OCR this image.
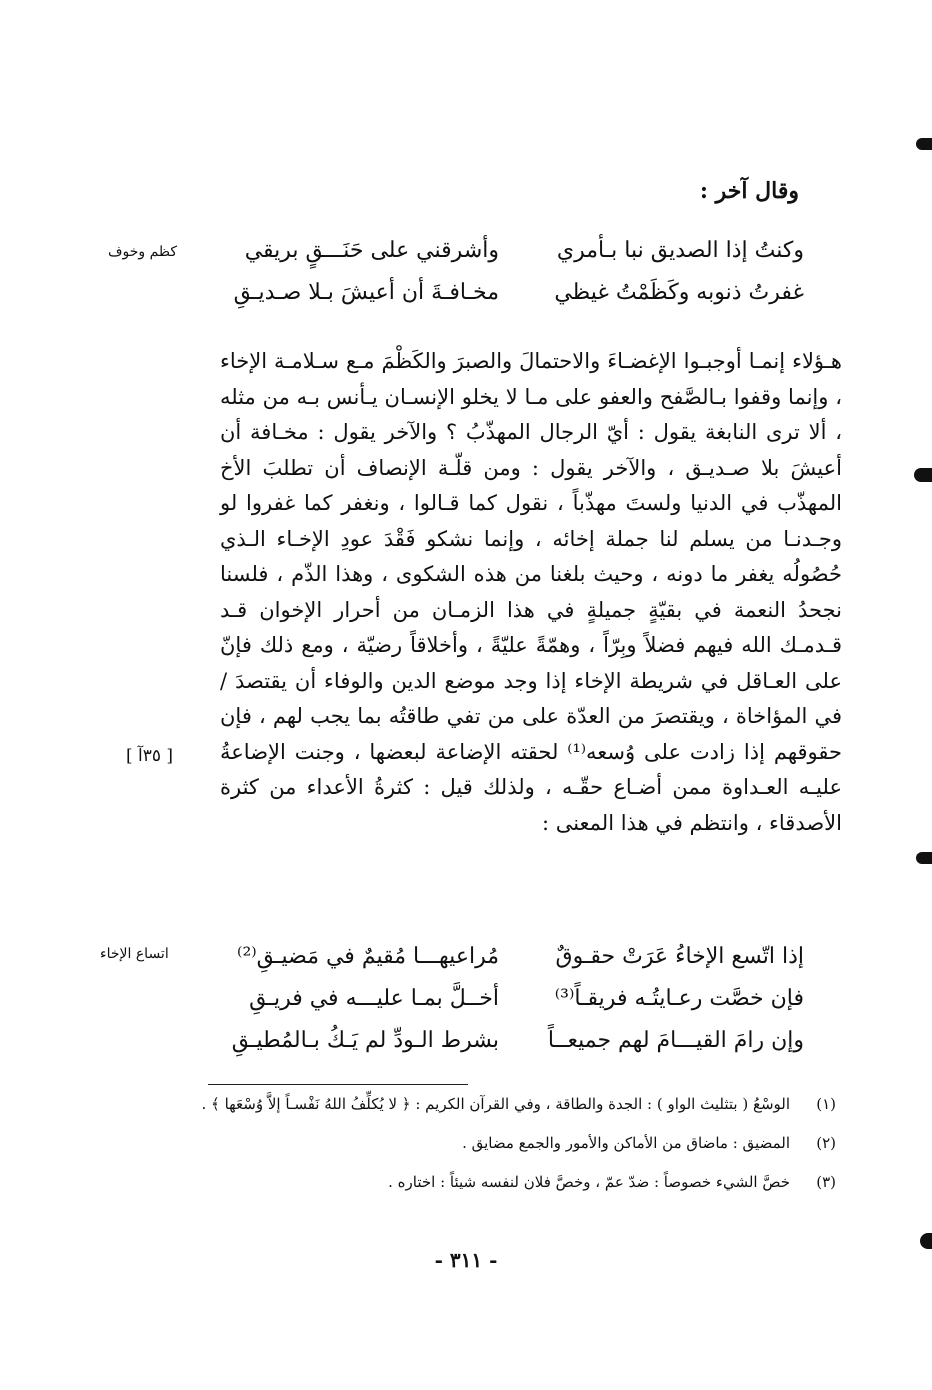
وقال آخر :
وكنتُ إذا الصديق نبا بـأمري
وأشرقني على حَنَـــقٍ بريقي
غفرتُ ذنوبه وكَظَمْتُ غيظي
مخـافـةَ أن أعيشَ بـلا صـديـقِ
كظم وخوف

هـؤلاء إنمـا أوجبـوا الإغضـاءَ والاحتمالَ والصبرَ والكَظْمَ مـع سـلامـة الإخاء ، وإنما وقفوا بـالصَّفح والعفو على مـا لا يخلو الإنسـان يـأنس بـه من مثله ، ألا ترى النابغة يقول : أيّ الرجال المهذّبُ ؟ والآخر يقول : مخـافة أن أعيشَ بلا صـديـق ، والآخر يقول : ومن قلّـة الإنصاف أن تطلبَ الأخ المهذّب في الدنيا ولستَ مهذّباً ، نقول كما قـالوا ، ونغفر كما غفروا لو وجـدنـا من يسلم لنا جملة إخائه ، وإنما نشكو فَقْدَ عودِ الإخـاء الـذي حُصُولُه يغفر ما دونه ، وحيث بلغنا من هذه الشكوى ، وهذا الذّم ، فلسنا نجحدُ النعمة في بقيّةٍ جميلةٍ في هذا الزمـان من أحرار الإخوان قـد قـدمـك الله فيهم فضلاً وبِرّاً ، وهمّةً عليّةً ، وأخلاقاً رضيّة ، ومع ذلك فإنّ على العـاقل في شريطة الإخاء إذا وجد موضع الدين والوفاء أن يقتصدَ / في المؤاخاة ، ويقتصرَ من العدّة على من تفي طاقتُه بما يجب لهم ، فإن حقوقهم إذا زادت على وُسعه⁽¹⁾ لحقته الإضاعة لبعضها ، وجنت الإضاعةُ عليـه العـداوة ممن أضـاع حقّـه ، ولذلك قيل : كثرةُ الأعداء من كثرة الأصدقاء ، وانتظم في هذا المعنى :

[ ٣٥آ ]
إذا اتّسع الإخاءُ عَرَتْ حقـوقٌ
مُراعيهـــا مُقيمٌ في مَضيـقِ⁽²⁾
فإن خصَّت رعـايتُـه فريقـاً⁽³⁾
أخــلَّ بمـا عليـــه في فريـقِ
وإن رامَ القيـــامَ لهم جميعــاً
بشرط الـودِّ لم يَـكُ بـالمُطيـقِ
اتساع الإخاء
(١)
الوسْعُ ( بتثليث الواو ) : الجدة والطاقة ، وفي القرآن الكريم : ﴿ لا يُكلِّفُ اللهُ نَفْسـاً إلاَّ وُسْعَها ﴾ .
(٢)
المضيق : ماضاق من الأماكن والأمور والجمع مضايق .
(٣)
خصَّ الشيء خصوصاً : ضدّ عمّ ، وخصَّ فلان لنفسه شيئاً : اختاره .
- ٣١١ -
